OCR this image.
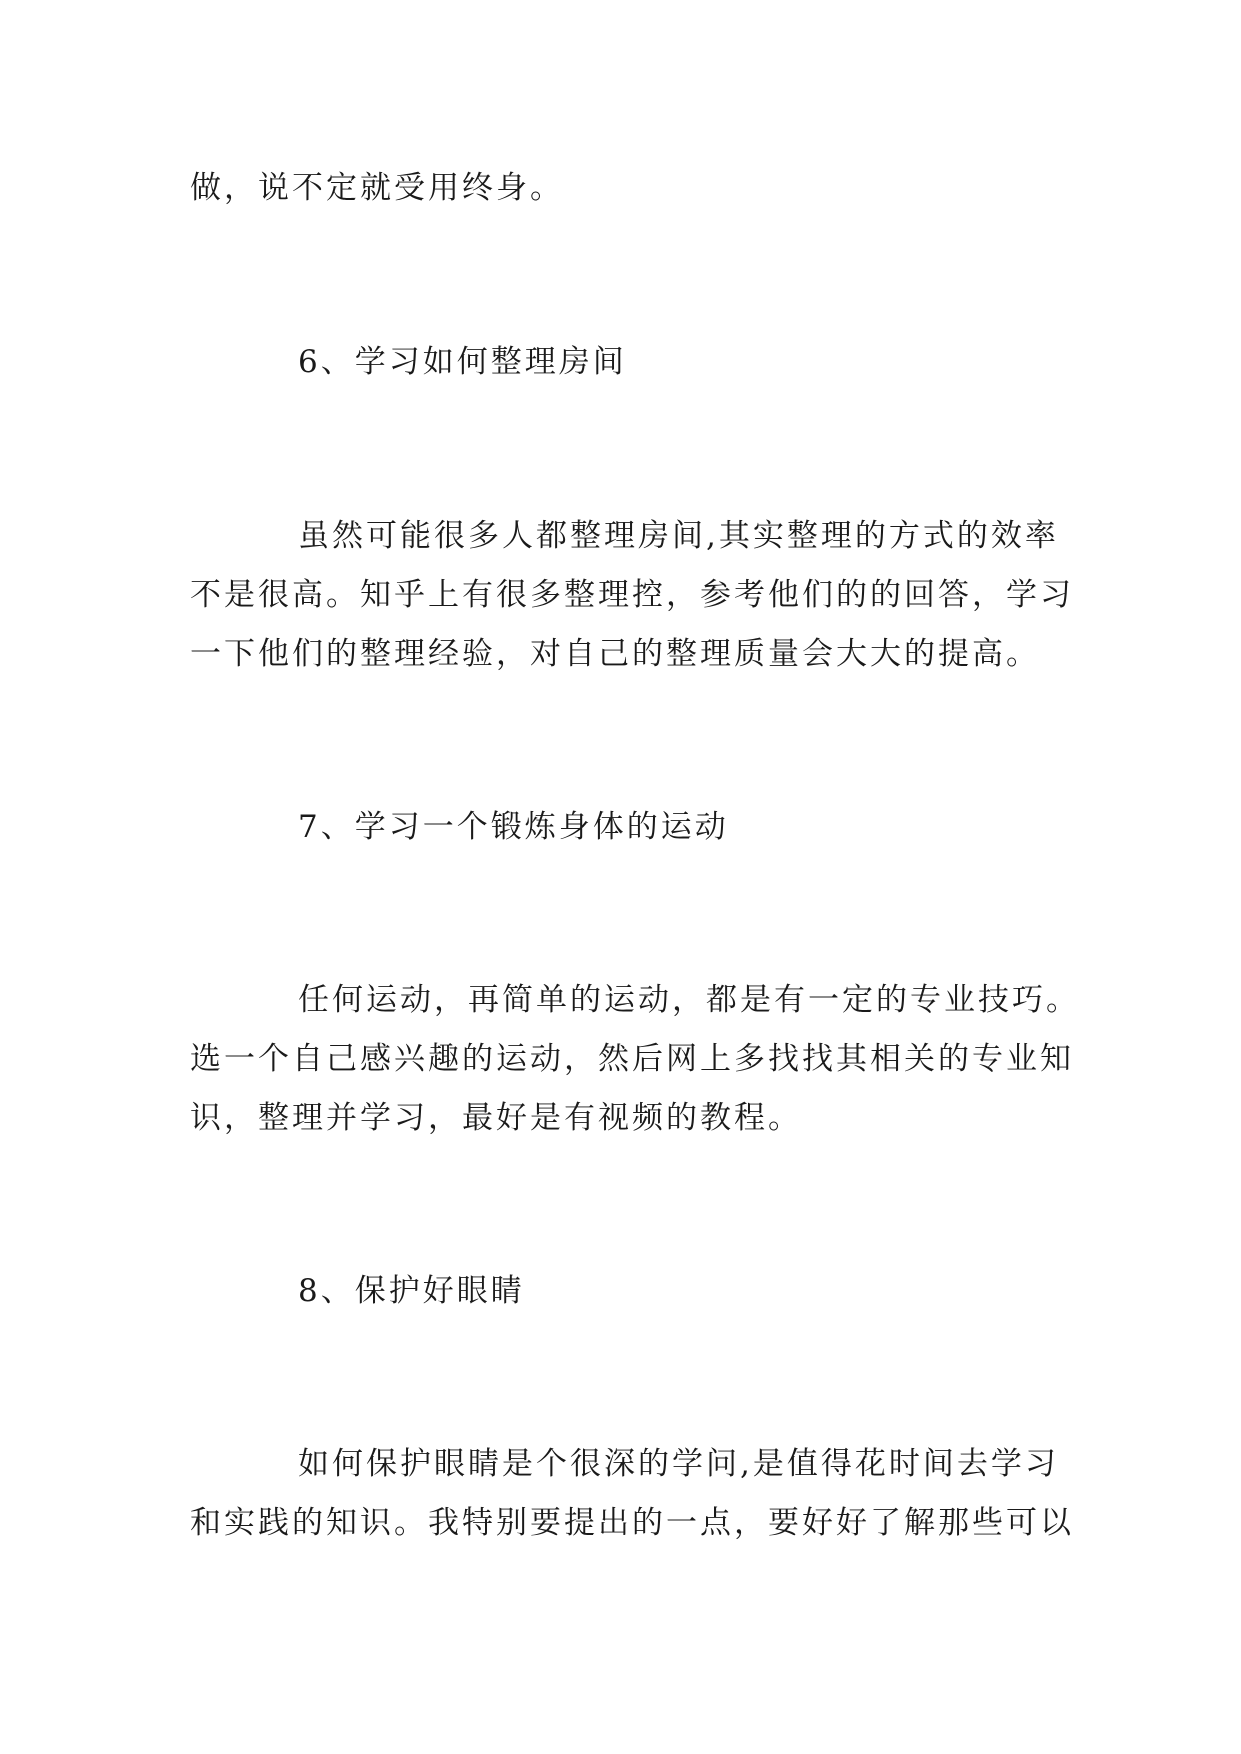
做，说不定就受用终身。

6、学习如何整理房间

虽然可能很多人都整理房间,其实整理的方式的效率

不是很高。知乎上有很多整理控，参考他们的的回答，学习

一下他们的整理经验，对自己的整理质量会大大的提高。

7、学习一个锻炼身体的运动

任何运动，再简单的运动，都是有一定的专业技巧。

选一个自己感兴趣的运动，然后网上多找找其相关的专业知

识，整理并学习，最好是有视频的教程。

8、保护好眼睛

如何保护眼睛是个很深的学问,是值得花时间去学习

和实践的知识。我特别要提出的一点，要好好了解那些可以
